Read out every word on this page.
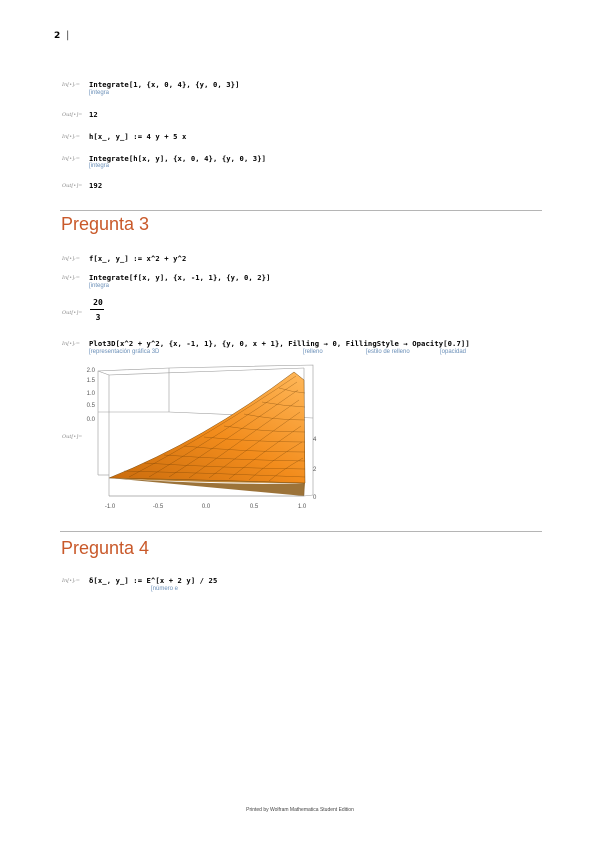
2 |
In[•]:= Integrate[1, {x, 0, 4}, {y, 0, 3}]
[integra
Out[•]= 12
In[•]:= h[x_, y_] := 4 y + 5 x
In[•]:= Integrate[h[x, y], {x, 0, 4}, {y, 0, 3}]
[integra
Out[•]= 192
Pregunta 3
In[•]:= f[x_, y_] := x^2 + y^2
In[•]:= Integrate[f[x, y], {x, -1, 1}, {y, 0, 2}]
[integra
Out[•]=
20
3
In[•]:= Plot3D[x^2 + y^2, {x, -1, 1}, {y, 0, x + 1}, Filling → 0, FillingStyle → Opacity[0.7]]
[representación gráfica 3D	[relleno	[estilo de relleno	[opacidad
Out[•]=
2.0
1.5
1.0
0.5
0.0
4
2
0
-1.0	-0.5	0.0	0.5	1.0
Pregunta 4
In[•]:= δ[x_, y_] := E^[x + 2 y] / 25
[número e
Printed by Wolfram Mathematica Student Edition
